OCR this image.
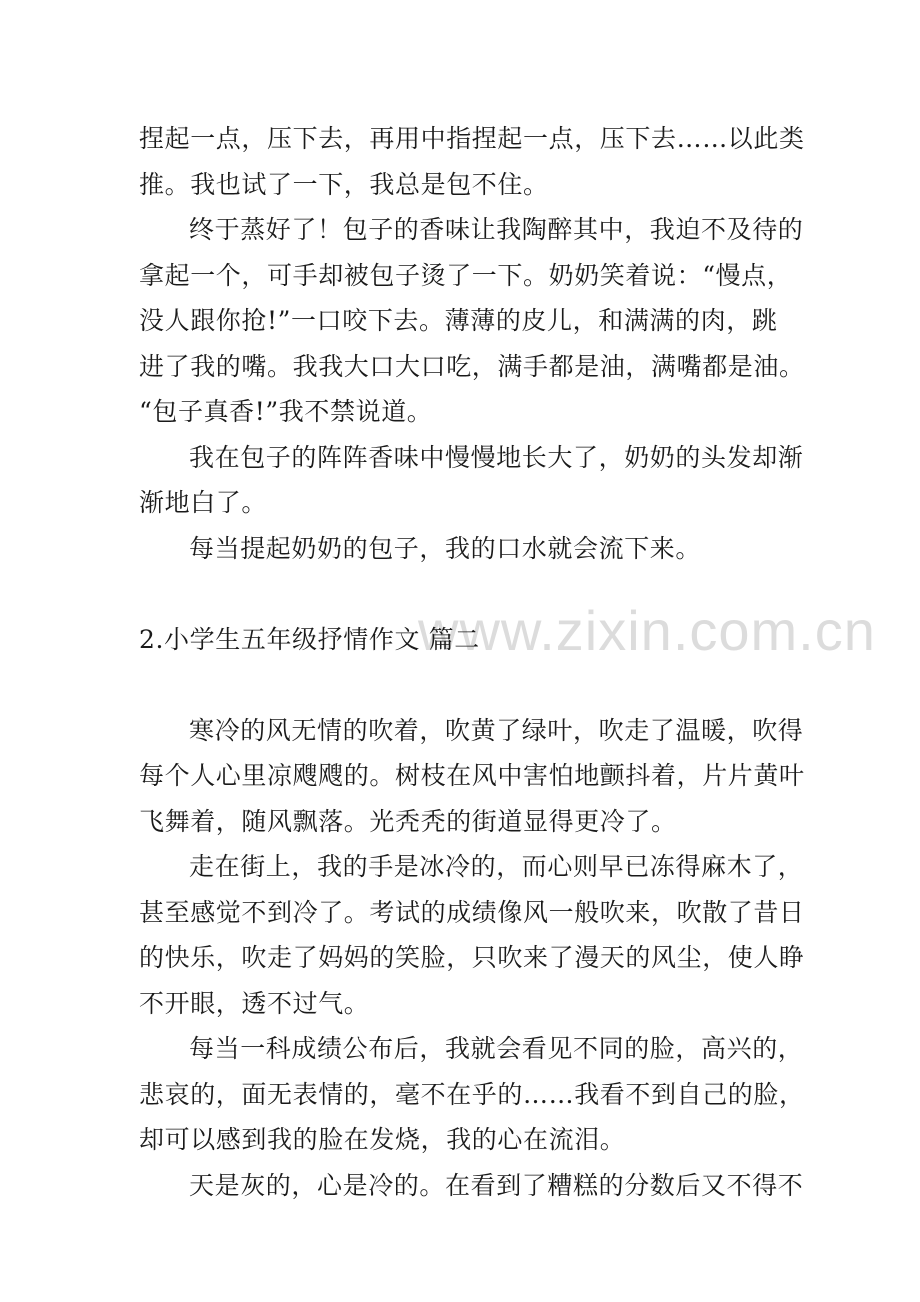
www.zixin.com.cn
捏起一点，压下去，再用中指捏起一点，压下去……以此类
推。我也试了一下，我总是包不住。
终于蒸好了！包子的香味让我陶醉其中，我迫不及待的
拿起一个，可手却被包子烫了一下。奶奶笑着说：“慢点，
没人跟你抢!”一口咬下去。薄薄的皮儿，和满满的肉，跳
进了我的嘴。我我大口大口吃，满手都是油，满嘴都是油。
“包子真香!”我不禁说道。
我在包子的阵阵香味中慢慢地长大了，奶奶的头发却渐
渐地白了。
每当提起奶奶的包子，我的口水就会流下来。
2.小学生五年级抒情作文 篇二
寒冷的风无情的吹着，吹黄了绿叶，吹走了温暖，吹得
每个人心里凉飕飕的。树枝在风中害怕地颤抖着，片片黄叶
飞舞着，随风飘落。光秃秃的街道显得更冷了。
走在街上，我的手是冰冷的，而心则早已冻得麻木了，
甚至感觉不到冷了。考试的成绩像风一般吹来，吹散了昔日
的快乐，吹走了妈妈的笑脸，只吹来了漫天的风尘，使人睁
不开眼，透不过气。
每当一科成绩公布后，我就会看见不同的脸，高兴的，
悲哀的，面无表情的，毫不在乎的……我看不到自己的脸，
却可以感到我的脸在发烧，我的心在流泪。
天是灰的，心是冷的。在看到了糟糕的分数后又不得不
